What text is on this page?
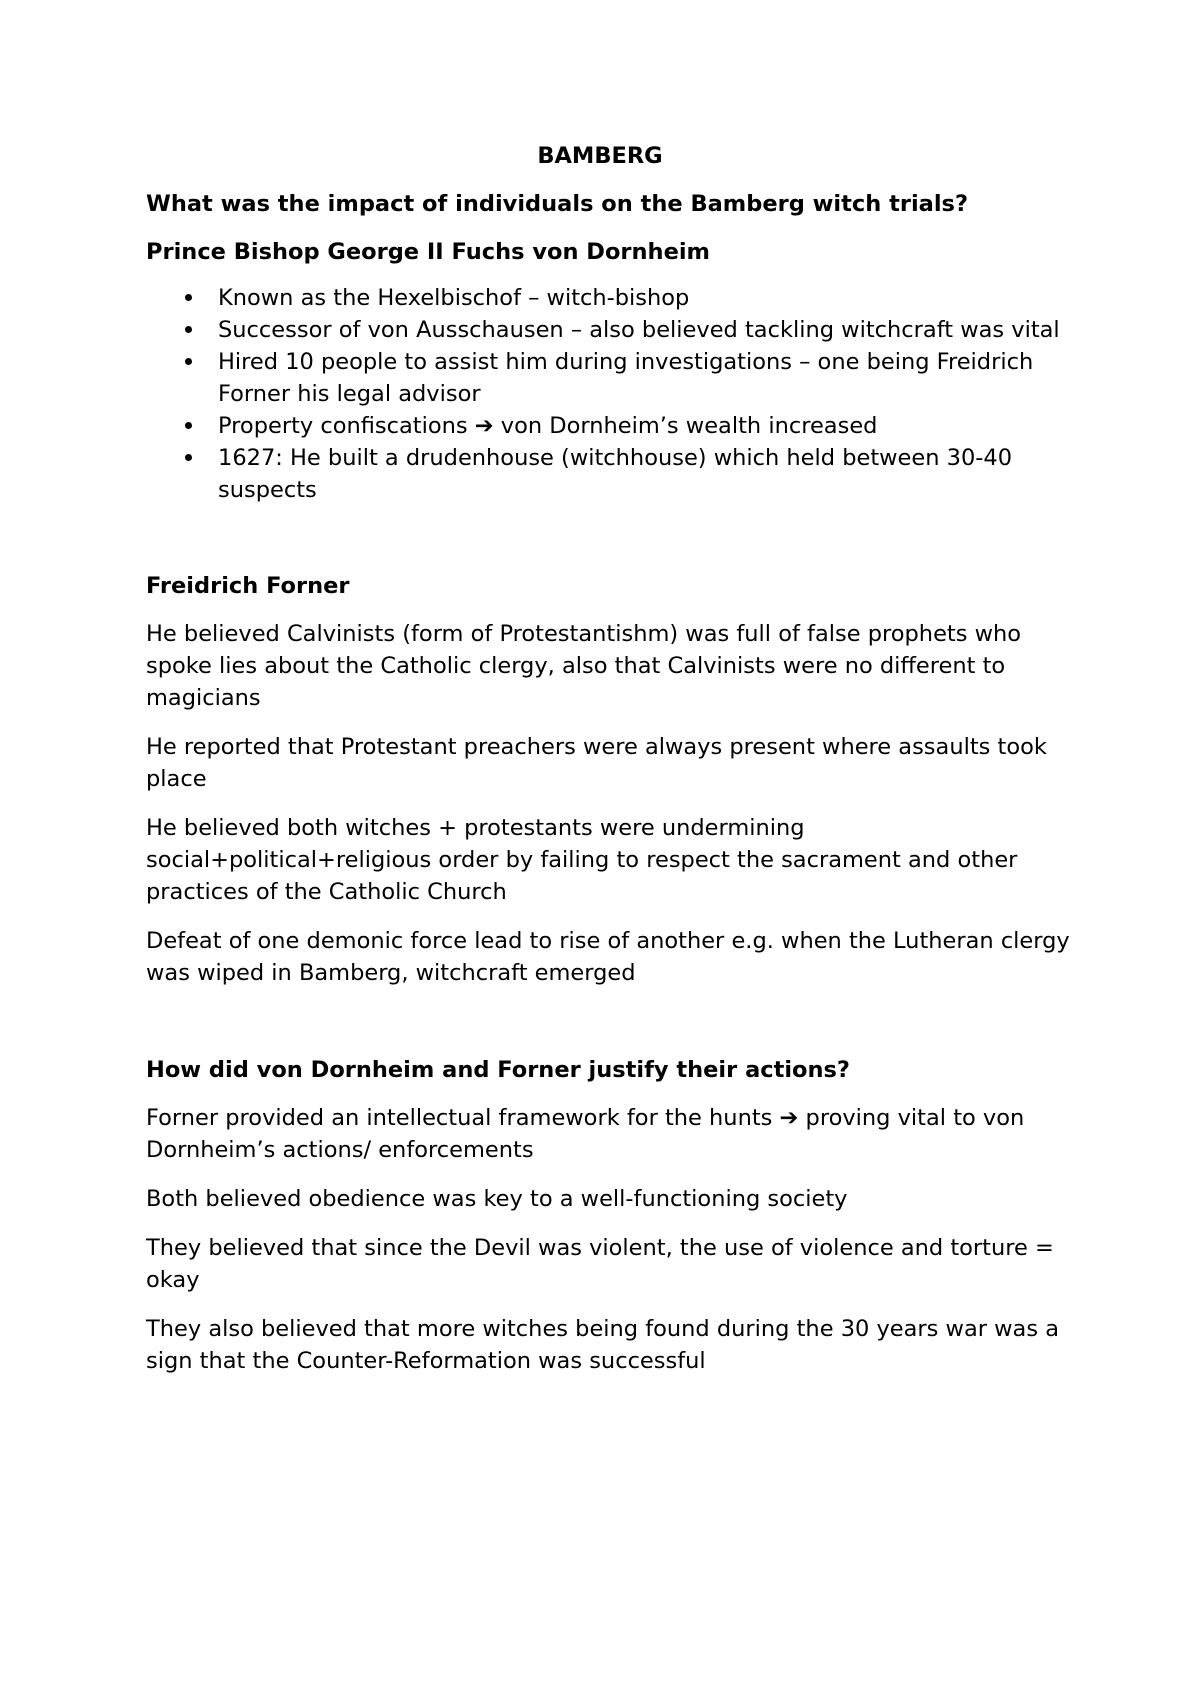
BAMBERG
What was the impact of individuals on the Bamberg witch trials?
Prince Bishop George II Fuchs von Dornheim
Known as the Hexelbischof – witch-bishop
Successor of von Ausschausen – also believed tackling witchcraft was vital
Hired 10 people to assist him during investigations – one being Freidrich Forner his legal advisor
Property confiscations ➔ von Dornheim’s wealth increased
1627: He built a drudenhouse (witchhouse) which held between 30-40 suspects
Freidrich Forner

He believed Calvinists (form of Protestantishm) was full of false prophets who spoke lies about the Catholic clergy, also that Calvinists were no different to magicians

He reported that Protestant preachers were always present where assaults took place

He believed both witches + protestants were undermining social+political+religious order by failing to respect the sacrament and other practices of the Catholic Church

Defeat of one demonic force lead to rise of another e.g. when the Lutheran clergy was wiped in Bamberg, witchcraft emerged

How did von Dornheim and Forner justify their actions?

Forner provided an intellectual framework for the hunts ➔ proving vital to von Dornheim’s actions/ enforcements

Both believed obedience was key to a well-functioning society

They believed that since the Devil was violent, the use of violence and torture = okay

They also believed that more witches being found during the 30 years war was a sign that the Counter-Reformation was successful
